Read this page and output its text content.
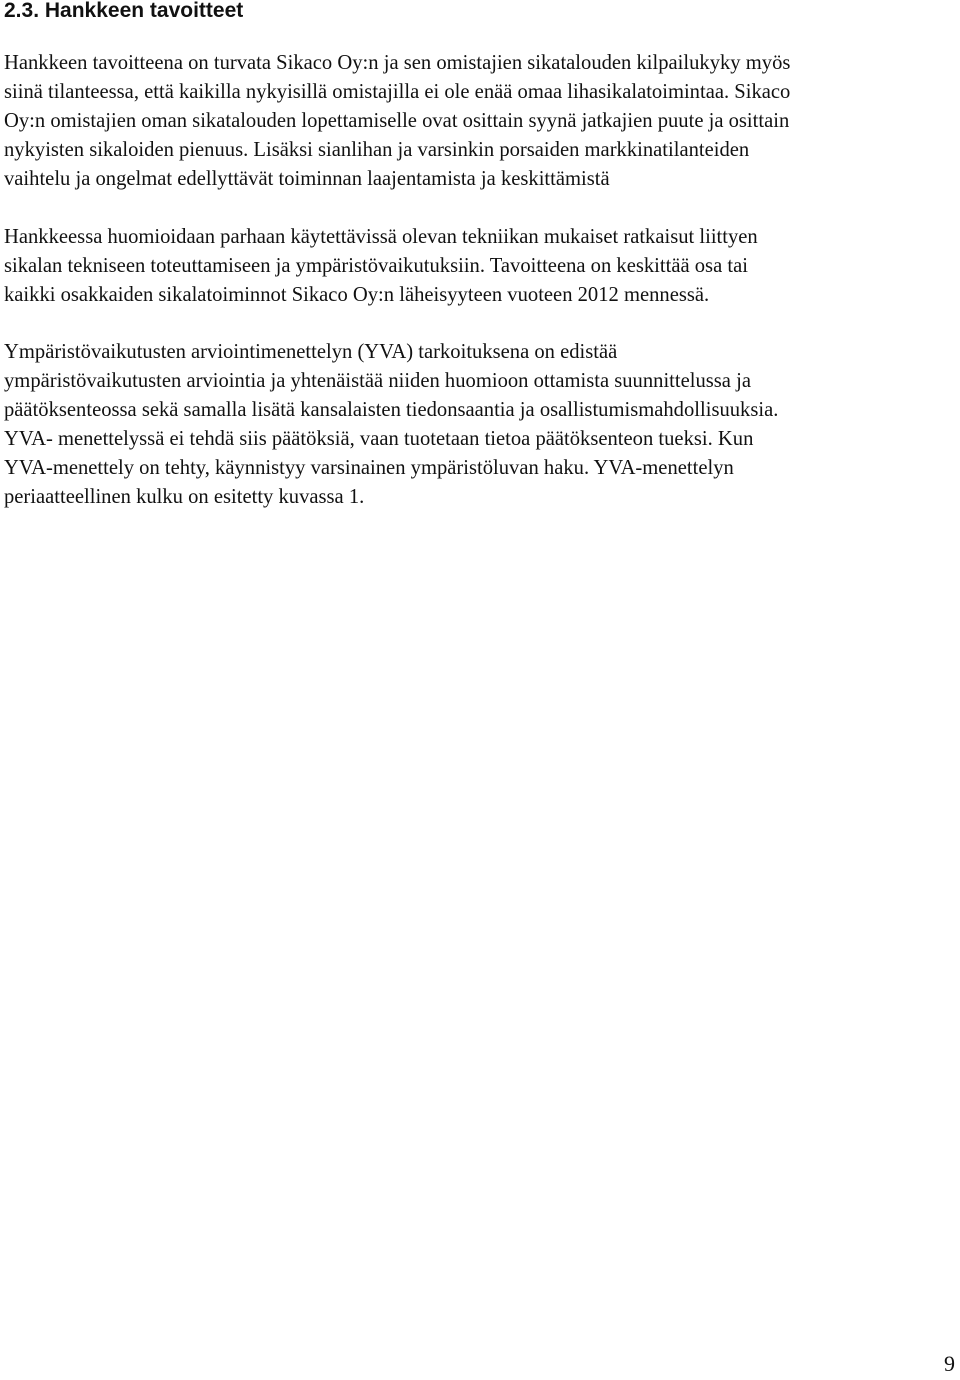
2.3. Hankkeen tavoitteet

Hankkeen tavoitteena on turvata Sikaco Oy:n ja sen omistajien sikatalouden kilpailukyky myös
siinä tilanteessa, että kaikilla nykyisillä omistajilla ei ole enää omaa lihasikalatoimintaa. Sikaco
Oy:n omistajien oman sikatalouden lopettamiselle ovat osittain syynä jatkajien puute ja osittain
nykyisten sikaloiden pienuus. Lisäksi sianlihan ja varsinkin porsaiden markkinatilanteiden
vaihtelu ja ongelmat edellyttävät toiminnan laajentamista ja keskittämistä

Hankkeessa huomioidaan parhaan käytettävissä olevan tekniikan mukaiset ratkaisut liittyen
sikalan tekniseen toteuttamiseen ja ympäristövaikutuksiin. Tavoitteena on keskittää osa tai
kaikki osakkaiden sikalatoiminnot Sikaco Oy:n läheisyyteen vuoteen 2012 mennessä.

Ympäristövaikutusten arviointimenettelyn (YVA) tarkoituksena on edistää
ympäristövaikutusten arviointia ja yhtenäistää niiden huomioon ottamista suunnittelussa ja
päätöksenteossa sekä samalla lisätä kansalaisten tiedonsaantia ja osallistumismahdollisuuksia.
YVA- menettelyssä ei tehdä siis päätöksiä, vaan tuotetaan tietoa päätöksenteon tueksi. Kun
YVA-menettely on tehty, käynnistyy varsinainen ympäristöluvan haku. YVA-menettelyn
periaatteellinen kulku on esitetty kuvassa 1.

9
